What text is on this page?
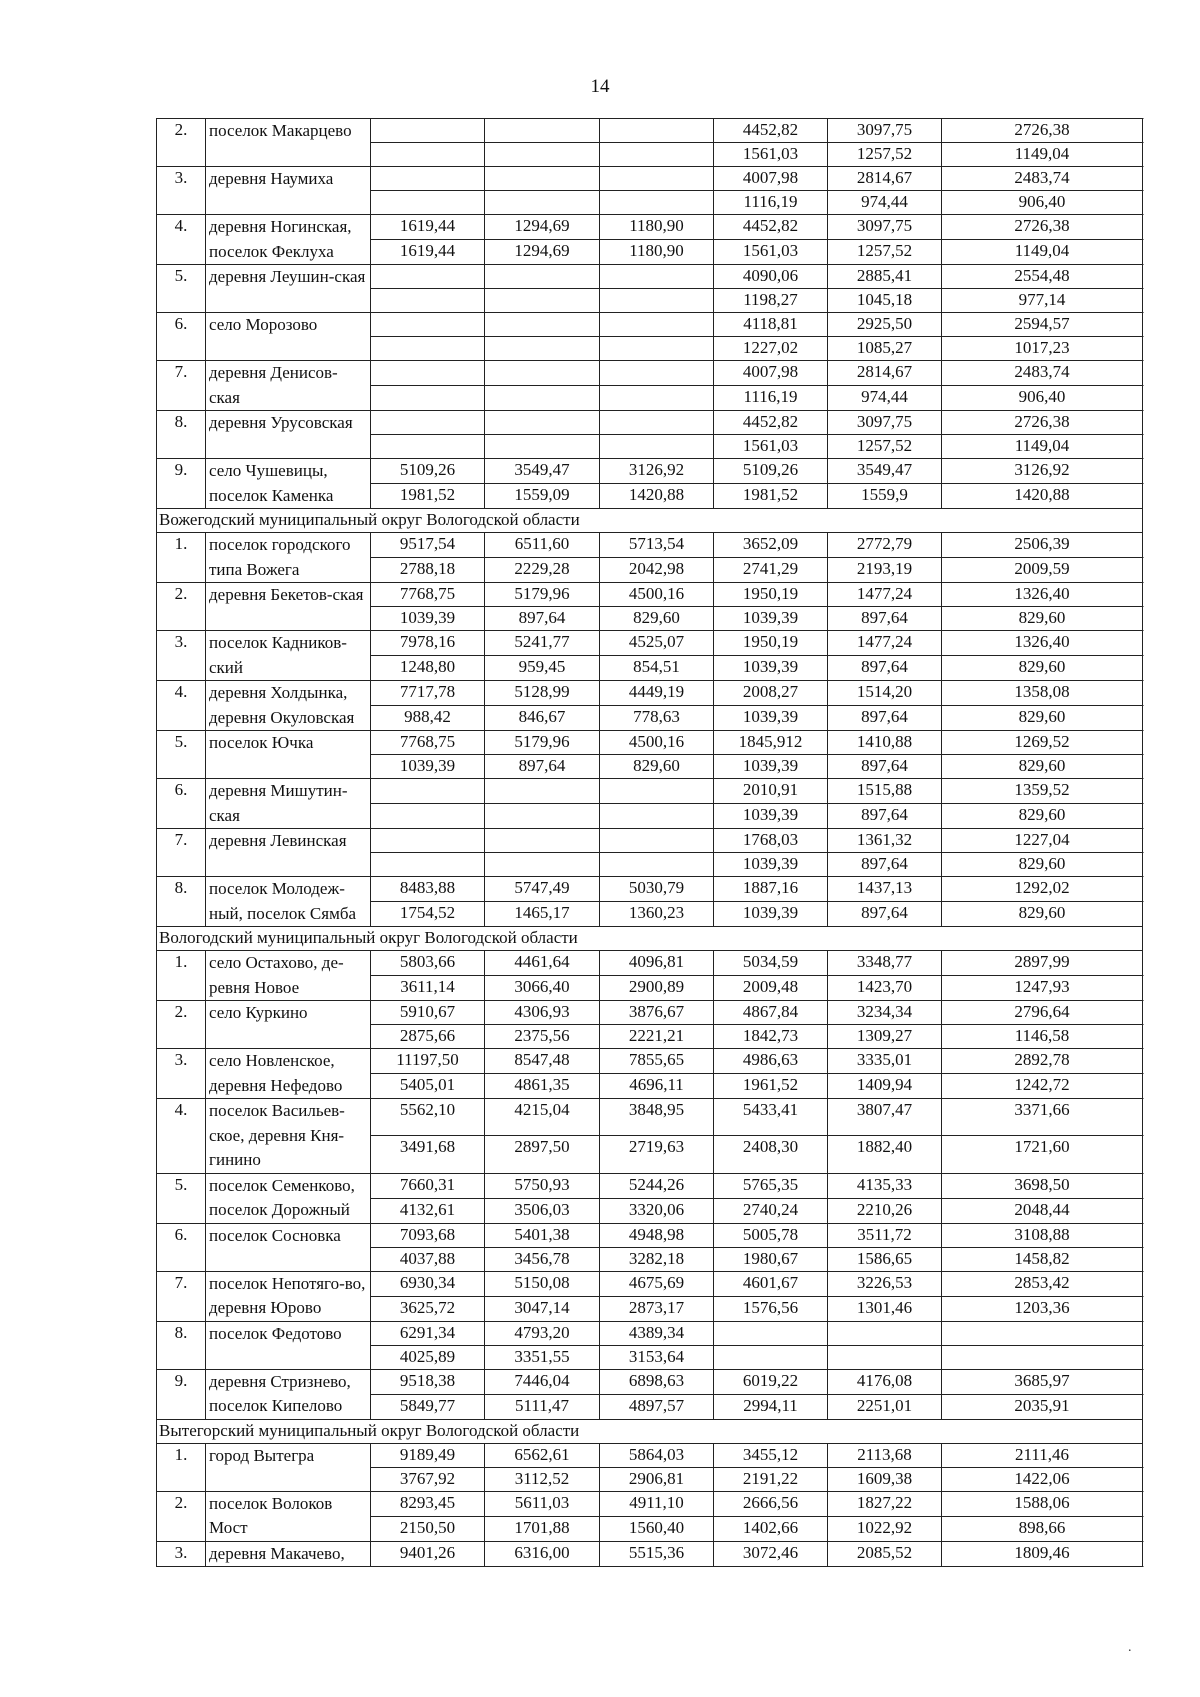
14
2.	поселок Макарцево				4452,82	3097,75	2726,38
					1561,03	1257,52	1149,04
3.	деревня Наумиха				4007,98	2814,67	2483,74
					1116,19	974,44	906,40
4.	деревня Ногинская, поселок Феклуха	1619,44	1294,69	1180,90	4452,82	3097,75	2726,38
		1619,44	1294,69	1180,90	1561,03	1257,52	1149,04
5.	деревня Леушин-ская				4090,06	2885,41	2554,48
					1198,27	1045,18	977,14
6.	село Морозово				4118,81	2925,50	2594,57
					1227,02	1085,27	1017,23
7.	деревня Денисов-ская				4007,98	2814,67	2483,74
					1116,19	974,44	906,40
8.	деревня Урусовская				4452,82	3097,75	2726,38
					1561,03	1257,52	1149,04
9.	село Чушевицы, поселок Каменка	5109,26	3549,47	3126,92	5109,26	3549,47	3126,92
		1981,52	1559,09	1420,88	1981,52	1559,9	1420,88
Вожегодский муниципальный округ Вологодской области							
1.	поселок городского типа Вожега	9517,54	6511,60	5713,54	3652,09	2772,79	2506,39
		2788,18	2229,28	2042,98	2741,29	2193,19	2009,59
2.	деревня Бекетов-ская	7768,75	5179,96	4500,16	1950,19	1477,24	1326,40
		1039,39	897,64	829,60	1039,39	897,64	829,60
3.	поселок Кадников-ский	7978,16	5241,77	4525,07	1950,19	1477,24	1326,40
		1248,80	959,45	854,51	1039,39	897,64	829,60
4.	деревня Холдынка, деревня Окуловская	7717,78	5128,99	4449,19	2008,27	1514,20	1358,08
		988,42	846,67	778,63	1039,39	897,64	829,60
5.	поселок Ючка	7768,75	5179,96	4500,16	1845,912	1410,88	1269,52
		1039,39	897,64	829,60	1039,39	897,64	829,60
6.	деревня Мишутин-ская				2010,91	1515,88	1359,52
					1039,39	897,64	829,60
7.	деревня Левинская				1768,03	1361,32	1227,04
					1039,39	897,64	829,60
8.	поселок Молодеж-ный, поселок Сямба	8483,88	5747,49	5030,79	1887,16	1437,13	1292,02
		1754,52	1465,17	1360,23	1039,39	897,64	829,60
Вологодский муниципальный округ Вологодской области							
1.	село Остахово, де-ревня Новое	5803,66	4461,64	4096,81	5034,59	3348,77	2897,99
		3611,14	3066,40	2900,89	2009,48	1423,70	1247,93
2.	село Куркино	5910,67	4306,93	3876,67	4867,84	3234,34	2796,64
		2875,66	2375,56	2221,21	1842,73	1309,27	1146,58
3.	село Новленское, деревня Нефедово	11197,50	8547,48	7855,65	4986,63	3335,01	2892,78
		5405,01	4861,35	4696,11	1961,52	1409,94	1242,72
4.	поселок Васильев-ское, деревня Кня-гинино	5562,10	4215,04	3848,95	5433,41	3807,47	3371,66
		3491,68	2897,50	2719,63	2408,30	1882,40	1721,60
5.	поселок Семенково, поселок Дорожный	7660,31	5750,93	5244,26	5765,35	4135,33	3698,50
		4132,61	3506,03	3320,06	2740,24	2210,26	2048,44
6.	поселок Сосновка	7093,68	5401,38	4948,98	5005,78	3511,72	3108,88
		4037,88	3456,78	3282,18	1980,67	1586,65	1458,82
7.	поселок Непотяго-во, деревня Юрово	6930,34	5150,08	4675,69	4601,67	3226,53	2853,42
		3625,72	3047,14	2873,17	1576,56	1301,46	1203,36
8.	поселок Федотово	6291,34	4793,20	4389,34			
		4025,89	3351,55	3153,64			
9.	деревня Стризнево, поселок Кипелово	9518,38	7446,04	6898,63	6019,22	4176,08	3685,97
		5849,77	5111,47	4897,57	2994,11	2251,01	2035,91
Вытегорский муниципальный округ Вологодской области							
1.	город Вытегра	9189,49	6562,61	5864,03	3455,12	2113,68	2111,46
		3767,92	3112,52	2906,81	2191,22	1609,38	1422,06
2.	поселок Волоков Мост	8293,45	5611,03	4911,10	2666,56	1827,22	1588,06
		2150,50	1701,88	1560,40	1402,66	1022,92	898,66
3.	деревня Макачево,	9401,26	6316,00	5515,36	3072,46	2085,52	1809,46
.
